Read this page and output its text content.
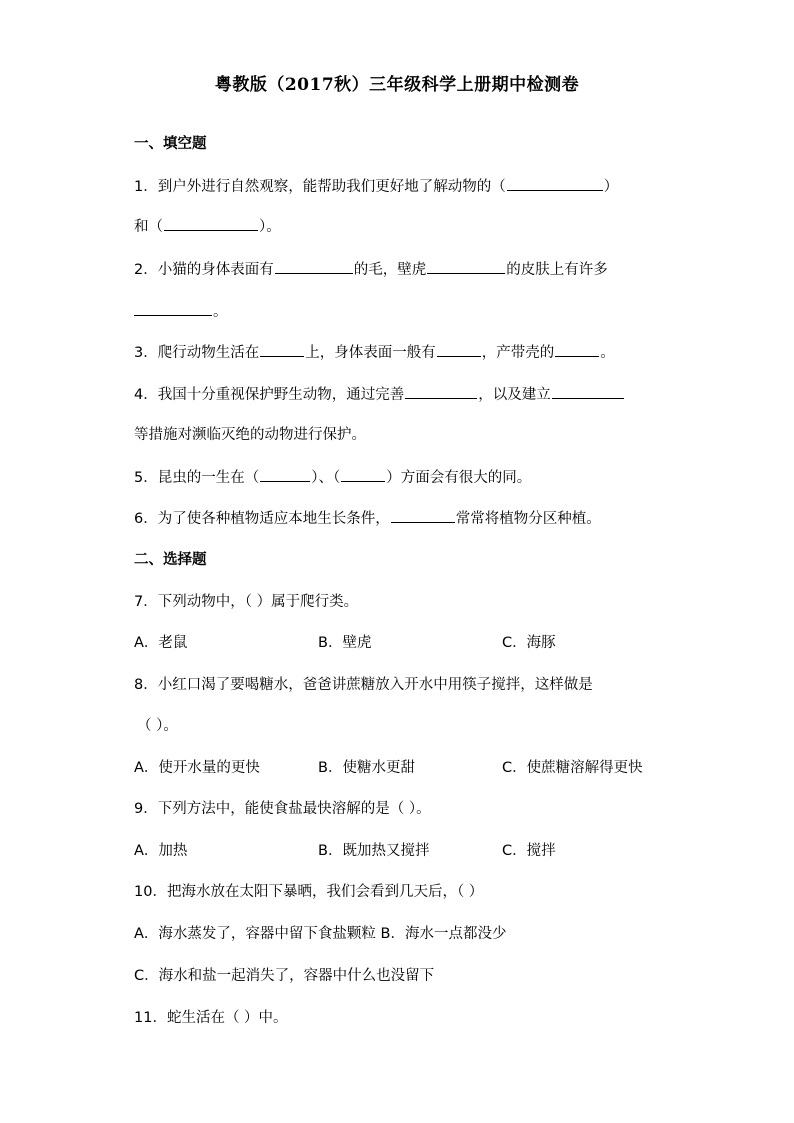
粤教版（2017秋）三年级科学上册期中检测卷
一、填空题
1．到户外进行自然观察，能帮助我们更好地了解动物的（	）
和（	）。
2．小猫的身体表面有	的毛，壁虎	的皮肤上有许多
。
3．爬行动物生活在	上，身体表面一般有	，产带壳的	。
4．我国十分重视保护野生动物，通过完善	，以及建立
等措施对濒临灭绝的动物进行保护。
5．昆虫的一生在（	）、（	）方面会有很大的同。
6．为了使各种植物适应本地生长条件，	常常将植物分区种植。
二、选择题
7．下列动物中，（ ）属于爬行类。
A．老鼠	B．壁虎	C．海豚
8．小红口渴了要喝糖水，爸爸讲蔗糖放入开水中用筷子搅拌，这样做是
（ ）。
A．使开水量的更快	B．使糖水更甜	C．使蔗糖溶解得更快
9．下列方法中，能使食盐最快溶解的是（ ）。
A．加热	B．既加热又搅拌	C．搅拌
10．把海水放在太阳下暴晒，我们会看到几天后，（ ）
A．海水蒸发了，容器中留下食盐颗粒 B．海水一点都没少
C．海水和盐一起消失了，容器中什么也没留下
11．蛇生活在（ ）中。
